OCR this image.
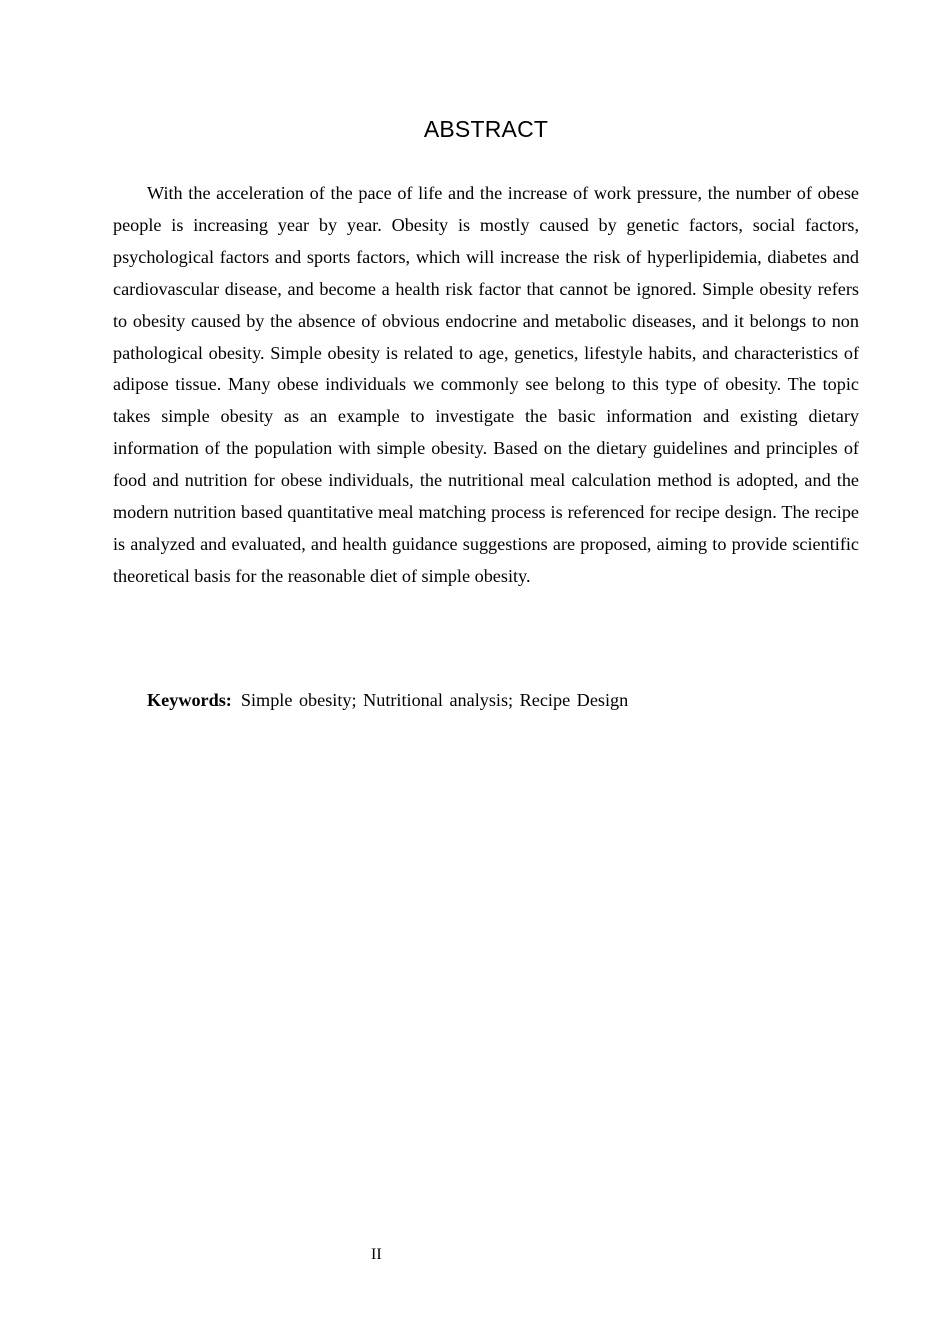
ABSTRACT

With the acceleration of the pace of life and the increase of work pressure, the number of obese people is increasing year by year. Obesity is mostly caused by genetic factors, social factors, psychological factors and sports factors, which will increase the risk of hyperlipidemia, diabetes and cardiovascular disease, and become a health risk factor that cannot be ignored. Simple obesity refers to obesity caused by the absence of obvious endocrine and metabolic diseases, and it belongs to non pathological obesity. Simple obesity is related to age, genetics, lifestyle habits, and characteristics of adipose tissue. Many obese individuals we commonly see belong to this type of obesity. The topic takes simple obesity as an example to investigate the basic information and existing dietary information of the population with simple obesity. Based on the dietary guidelines and principles of food and nutrition for obese individuals, the nutritional meal calculation method is adopted, and the modern nutrition based quantitative meal matching process is referenced for recipe design. The recipe is analyzed and evaluated, and health guidance suggestions are proposed, aiming to provide scientific theoretical basis for the reasonable diet of simple obesity.

Keywords: Simple obesity; Nutritional analysis; Recipe Design

II
